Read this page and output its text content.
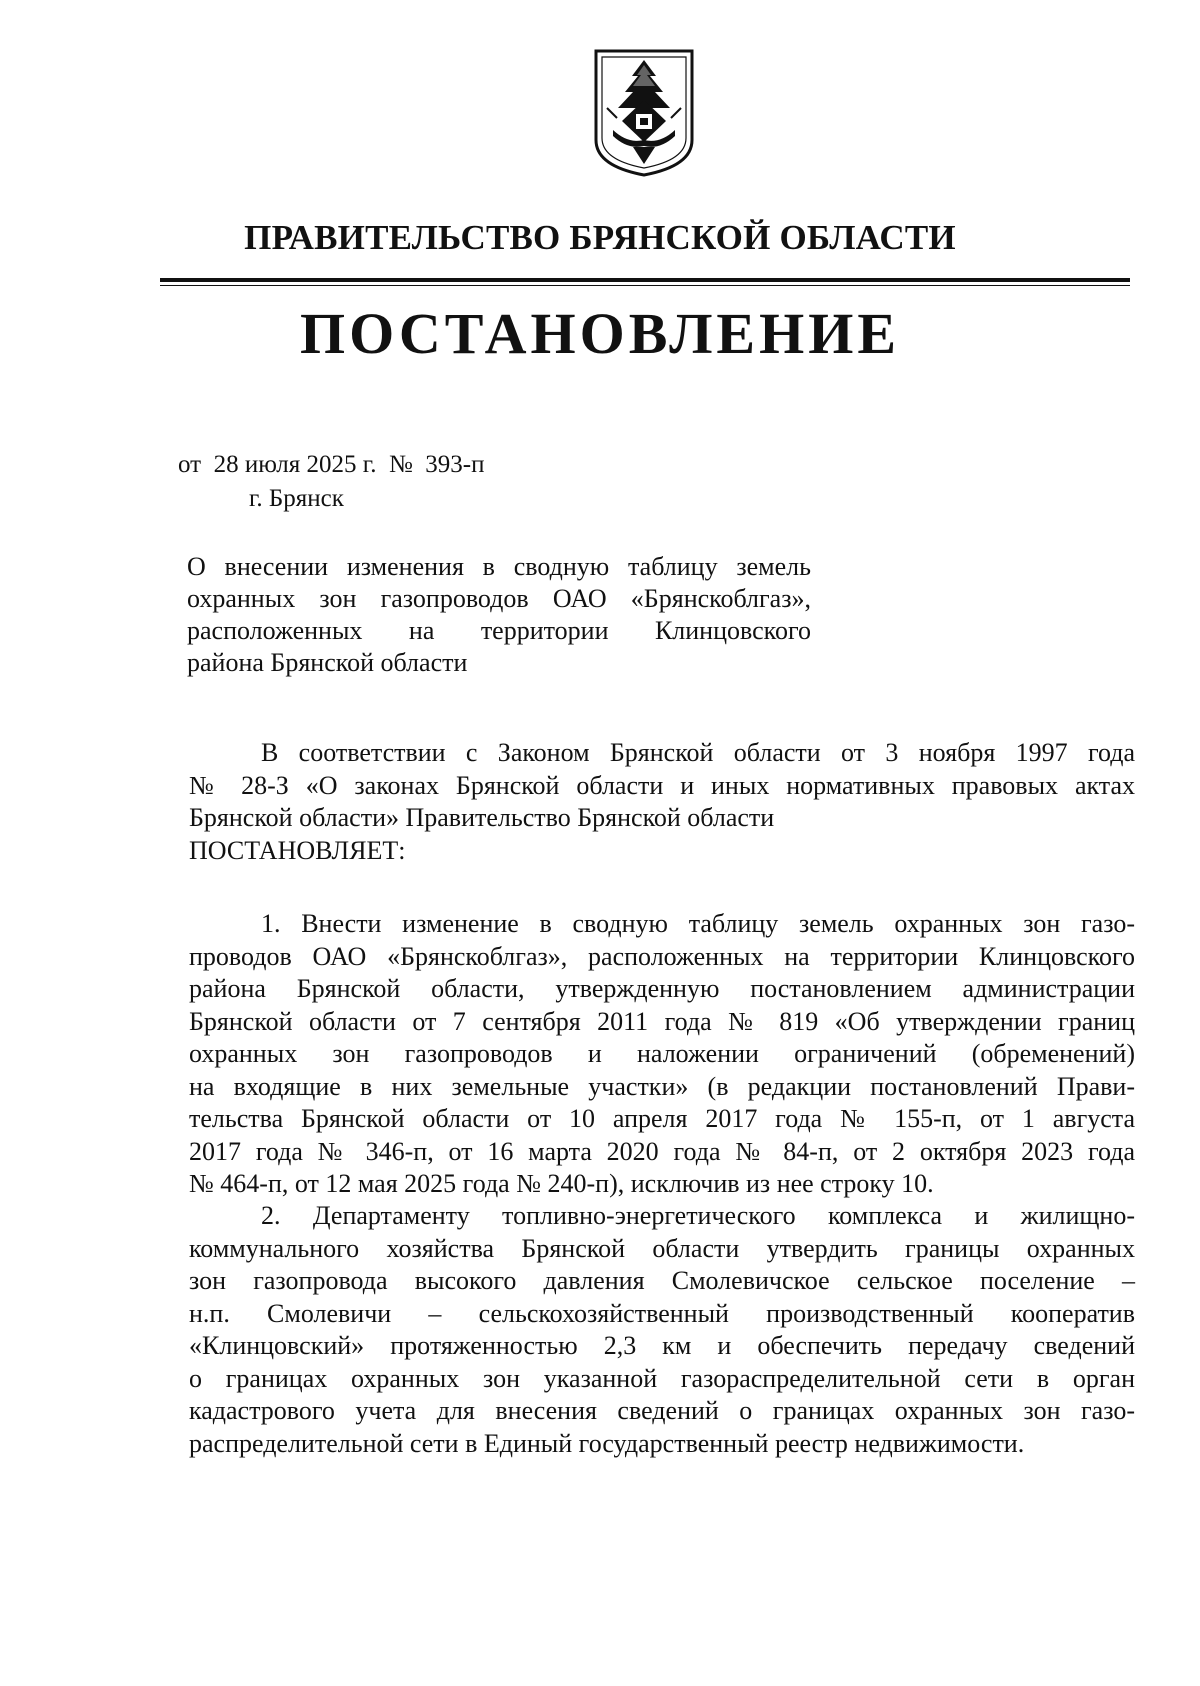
ПРАВИТЕЛЬСТВО БРЯНСКОЙ ОБЛАСТИ
ПОСТАНОВЛЕНИЕ
от  28 июля 2025 г.  №  393-п
г. Брянск
О внесении изменения в сводную таблицу земель
охранных зон газопроводов ОАО «Брянскоблгаз»,
расположенных на территории Клинцовского
района Брянской области
В соответствии с Законом Брянской области от 3 ноября 1997 года
№ 28-З «О законах Брянской области и иных нормативных правовых актах
Брянской области» Правительство Брянской области
ПОСТАНОВЛЯЕТ:
1. Внести изменение в сводную таблицу земель охранных зон газо-
проводов ОАО «Брянскоблгаз», расположенных на территории Клинцовского
района Брянской области, утвержденную постановлением администрации
Брянской области от 7 сентября 2011 года № 819 «Об утверждении границ
охранных зон газопроводов и наложении ограничений (обременений)
на входящие в них земельные участки» (в редакции постановлений Прави-
тельства Брянской области от 10 апреля 2017 года № 155-п, от 1 августа
2017 года № 346-п, от 16 марта 2020 года № 84-п, от 2 октября 2023 года
№ 464-п, от 12 мая 2025 года № 240-п), исключив из нее строку 10.
2. Департаменту топливно-энергетического комплекса и жилищно-
коммунального хозяйства Брянской области утвердить границы охранных
зон газопровода высокого давления Смолевичское сельское поселение –
н.п. Смолевичи – сельскохозяйственный производственный кооператив
«Клинцовский» протяженностью 2,3 км и обеспечить передачу сведений
о границах охранных зон указанной газораспределительной сети в орган
кадастрового учета для внесения сведений о границах охранных зон газо-
распределительной сети в Единый государственный реестр недвижимости.
